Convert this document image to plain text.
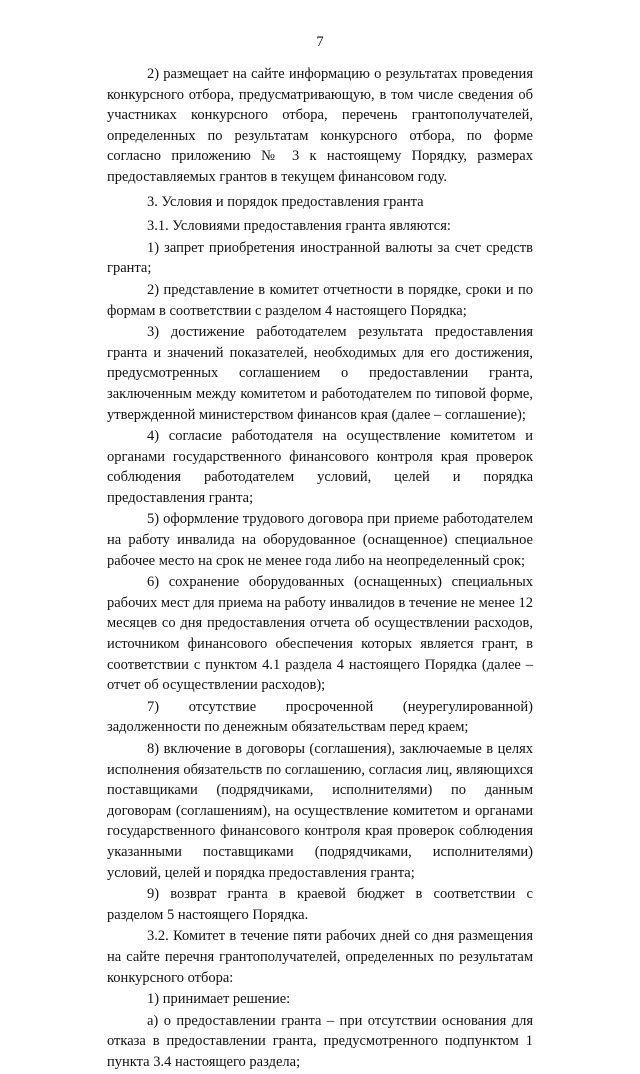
7

2) размещает на сайте информацию о результатах проведения конкурсного отбора, предусматривающую, в том числе сведения об участниках конкурсного отбора, перечень грантополучателей, определенных по результатам конкурсного отбора, по форме согласно приложению № 3 к настоящему Порядку, размерах предоставляемых грантов в текущем финансовом году.

3. Условия и порядок предоставления гранта

3.1. Условиями предоставления гранта являются:

1) запрет приобретения иностранной валюты за счет средств гранта;

2) представление в комитет отчетности в порядке, сроки и по формам в соответствии с разделом 4 настоящего Порядка;

3) достижение работодателем результата предоставления гранта и значений показателей, необходимых для его достижения, предусмотренных соглашением о предоставлении гранта, заключенным между комитетом и работодателем по типовой форме, утвержденной министерством финансов края (далее – соглашение);

4) согласие работодателя на осуществление комитетом и органами государственного финансового контроля края проверок соблюдения работодателем условий, целей и порядка предоставления гранта;

5) оформление трудового договора при приеме работодателем на работу инвалида на оборудованное (оснащенное) специальное рабочее место на срок не менее года либо на неопределенный срок;

6) сохранение оборудованных (оснащенных) специальных рабочих мест для приема на работу инвалидов в течение не менее 12 месяцев со дня предоставления отчета об осуществлении расходов, источником финансового обеспечения которых является грант, в соответствии с пунктом 4.1 раздела 4 настоящего Порядка (далее – отчет об осуществлении расходов);

7) отсутствие просроченной (неурегулированной) задолженности по денежным обязательствам перед краем;

8) включение в договоры (соглашения), заключаемые в целях исполнения обязательств по соглашению, согласия лиц, являющихся поставщиками (подрядчиками, исполнителями) по данным договорам (соглашениям), на осуществление комитетом и органами государственного финансового контроля края проверок соблюдения указанными поставщиками (подрядчиками, исполнителями) условий, целей и порядка предоставления гранта;

9) возврат гранта в краевой бюджет в соответствии с разделом 5 настоящего Порядка.

3.2. Комитет в течение пяти рабочих дней со дня размещения на сайте перечня грантополучателей, определенных по результатам конкурсного отбора:

1) принимает решение:

а) о предоставлении гранта – при отсутствии основания для отказа в предоставлении гранта, предусмотренного подпунктом 1 пункта 3.4 настоящего раздела;
